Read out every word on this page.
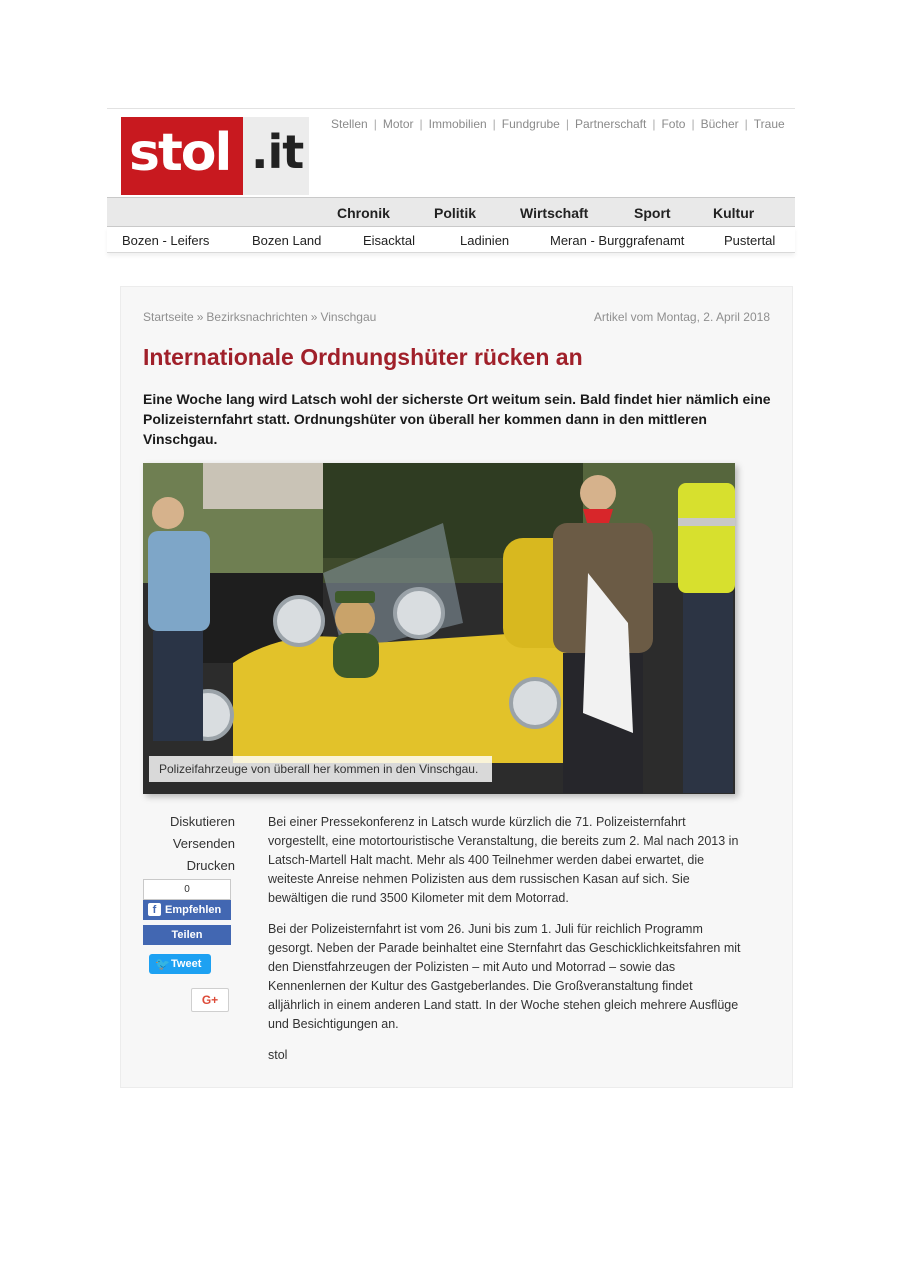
stol .it
Stellen | Motor | Immobilien | Fundgrube | Partnerschaft | Foto | Bücher | Traue
Chronik	Politik	Wirtschaft	Sport	Kultur
Bozen - Leifers	Bozen Land	Eisacktal	Ladinien	Meran - Burggrafenamt	Pustertal
Startseite » Bezirksnachrichten » Vinschgau	Artikel vom Montag, 2. April 2018
Internationale Ordnungshüter rücken an
Eine Woche lang wird Latsch wohl der sicherste Ort weitum sein. Bald findet hier nämlich eine Polizeisternfahrt statt. Ordnungshüter von überall her kommen dann in den mittleren Vinschgau.
Polizeifahrzeuge von überall her kommen in den Vinschgau.
Diskutieren
Versenden
Drucken
0
f Empfehlen
Teilen
🐦 Tweet
G+

Bei einer Pressekonferenz in Latsch wurde kürzlich die 71. Polizeisternfahrt vorgestellt, eine motortouristische Veranstaltung, die bereits zum 2. Mal nach 2013 in Latsch-Martell Halt macht. Mehr als 400 Teilnehmer werden dabei erwartet, die weiteste Anreise nehmen Polizisten aus dem russischen Kasan auf sich. Sie bewältigen die rund 3500 Kilometer mit dem Motorrad.

Bei der Polizeisternfahrt ist vom 26. Juni bis zum 1. Juli für reichlich Programm gesorgt. Neben der Parade beinhaltet eine Sternfahrt das Geschicklichkeitsfahren mit den Dienstfahrzeugen der Polizisten – mit Auto und Motorrad – sowie das Kennenlernen der Kultur des Gastgeberlandes. Die Großveranstaltung findet alljährlich in einem anderen Land statt. In der Woche stehen gleich mehrere Ausflüge und Besichtigungen an.

stol
